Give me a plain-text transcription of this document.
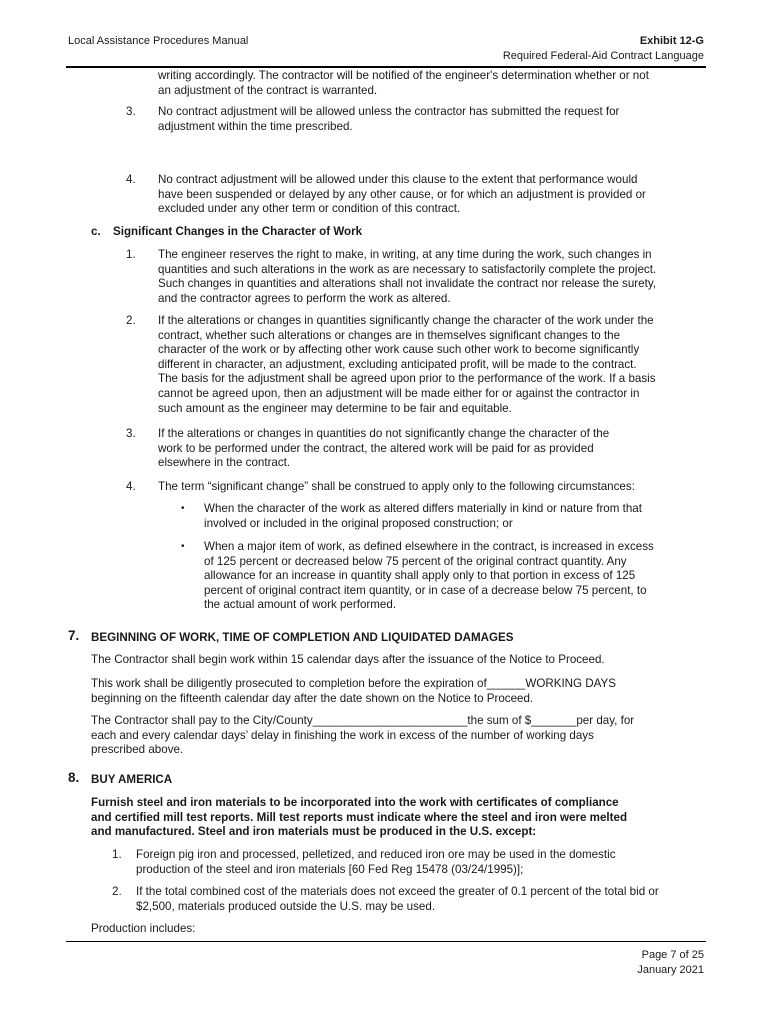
Local Assistance Procedures Manual	Exhibit 12-G
Required Federal-Aid Contract Language
writing accordingly. The contractor will be notified of the engineer's determination whether or not
an adjustment of the contract is warranted.
3. No contract adjustment will be allowed unless the contractor has submitted the request for
adjustment within the time prescribed.
4. No contract adjustment will be allowed under this clause to the extent that performance would
have been suspended or delayed by any other cause, or for which an adjustment is provided or
excluded under any other term or condition of this contract.
c. Significant Changes in the Character of Work
1. The engineer reserves the right to make, in writing, at any time during the work, such changes in
quantities and such alterations in the work as are necessary to satisfactorily complete the project.
Such changes in quantities and alterations shall not invalidate the contract nor release the surety,
and the contractor agrees to perform the work as altered.
2. If the alterations or changes in quantities significantly change the character of the work under the
contract, whether such alterations or changes are in themselves significant changes to the
character of the work or by affecting other work cause such other work to become significantly
different in character, an adjustment, excluding anticipated profit, will be made to the contract.
The basis for the adjustment shall be agreed upon prior to the performance of the work. If a basis
cannot be agreed upon, then an adjustment will be made either for or against the contractor in
such amount as the engineer may determine to be fair and equitable.
3. If the alterations or changes in quantities do not significantly change the character of the
work to be performed under the contract, the altered work will be paid for as provided
elsewhere in the contract.
4. The term “significant change” shall be construed to apply only to the following circumstances:
• When the character of the work as altered differs materially in kind or nature from that
involved or included in the original proposed construction; or
• When a major item of work, as defined elsewhere in the contract, is increased in excess
of 125 percent or decreased below 75 percent of the original contract quantity. Any
allowance for an increase in quantity shall apply only to that portion in excess of 125
percent of original contract item quantity, or in case of a decrease below 75 percent, to
the actual amount of work performed.
7. BEGINNING OF WORK, TIME OF COMPLETION AND LIQUIDATED DAMAGES
The Contractor shall begin work within 15 calendar days after the issuance of the Notice to Proceed.
This work shall be diligently prosecuted to completion before the expiration of______WORKING DAYS
beginning on the fifteenth calendar day after the date shown on the Notice to Proceed.
The Contractor shall pay to the City/County________________________the sum of $_______per day, for
each and every calendar days’ delay in finishing the work in excess of the number of working days
prescribed above.
8. BUY AMERICA
Furnish steel and iron materials to be incorporated into the work with certificates of compliance
and certified mill test reports. Mill test reports must indicate where the steel and iron were melted
and manufactured. Steel and iron materials must be produced in the U.S. except:
1. Foreign pig iron and processed, pelletized, and reduced iron ore may be used in the domestic
production of the steel and iron materials [60 Fed Reg 15478 (03/24/1995)];
2. If the total combined cost of the materials does not exceed the greater of 0.1 percent of the total bid or
$2,500, materials produced outside the U.S. may be used.
Production includes:
Page 7 of 25
January 2021
